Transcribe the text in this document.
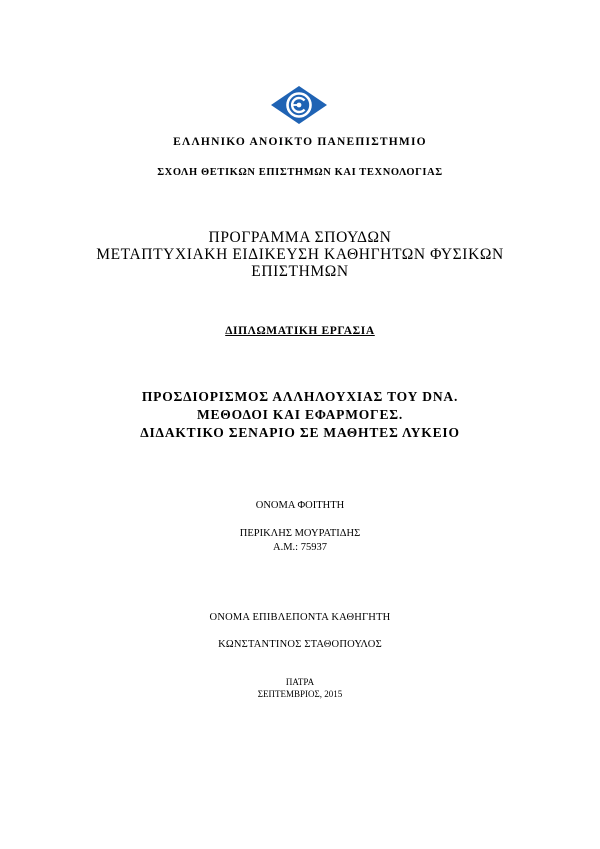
ΕΛΛΗΝΙΚΟ ΑΝΟΙΚΤΟ ΠΑΝΕΠΙΣΤΗΜΙΟ
ΣΧΟΛΗ ΘΕΤΙΚΩΝ ΕΠΙΣΤΗΜΩΝ ΚΑΙ ΤΕΧΝΟΛΟΓΙΑΣ
ΠΡΟΓΡΑΜΜΑ ΣΠΟΥΔΩΝ
ΜΕΤΑΠΤΥΧΙΑΚΗ ΕΙΔΙΚΕΥΣΗ ΚΑΘΗΓΗΤΩΝ ΦΥΣΙΚΩΝ
ΕΠΙΣΤΗΜΩΝ
ΔΙΠΛΩΜΑΤΙΚΗ ΕΡΓΑΣΙΑ
ΠΡΟΣΔΙΟΡΙΣΜΟΣ ΑΛΛΗΛΟΥΧΙΑΣ ΤΟΥ DNA.
ΜΕΘΟΔΟΙ ΚΑΙ ΕΦΑΡΜΟΓΕΣ.
ΔΙΔΑΚΤΙΚΟ ΣΕΝΑΡΙΟ ΣΕ ΜΑΘΗΤΕΣ ΛΥΚΕΙΟ
ΟΝΟΜΑ ΦΟΙΤΗΤΗ
ΠΕΡΙΚΛΗΣ ΜΟΥΡΑΤΙΔΗΣ
Α.Μ.: 75937
ΟΝΟΜΑ ΕΠΙΒΛΕΠΟΝΤΑ ΚΑΘΗΓΗΤΗ
ΚΩΝΣΤΑΝΤΙΝΟΣ ΣΤΑΘΟΠΟΥΛΟΣ
ΠΑΤΡΑ
ΣΕΠΤΕΜΒΡΙΟΣ, 2015
